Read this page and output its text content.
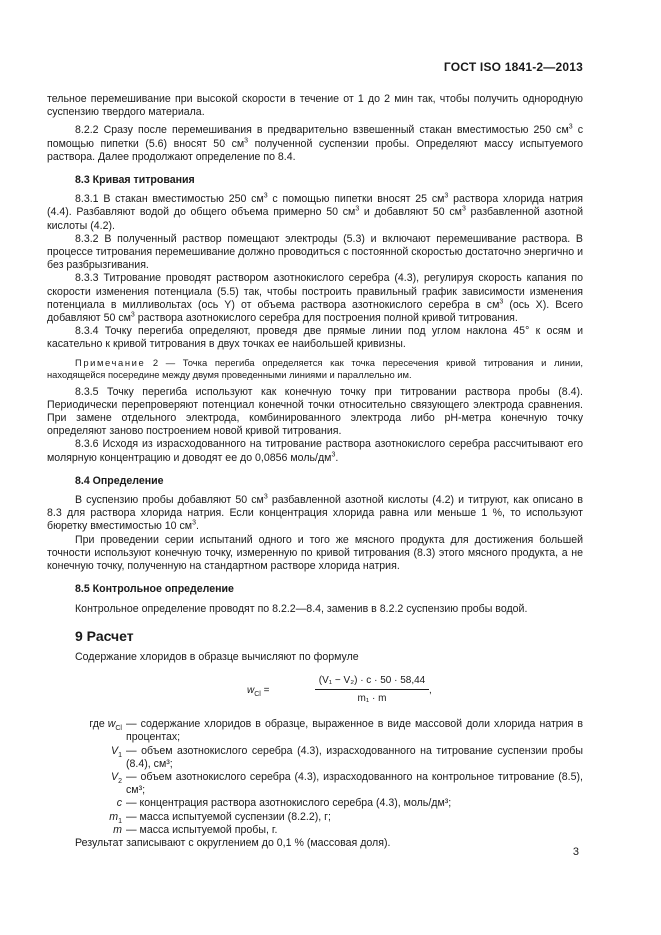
ГОСТ ISO 1841-2—2013

тельное перемешивание при высокой скорости в течение от 1 до 2 мин так, чтобы получить однородную суспензию твердого материала.

8.2.2 Сразу после перемешивания в предварительно взвешенный стакан вместимостью 250 $см^3$ с помощью пипетки (5.6) вносят 50 $см^3$ полученной суспензии пробы. Определяют массу испытуемого раствора. Далее продолжают определение по 8.4.

8.3 Кривая титрования

8.3.1 В стакан вместимостью 250 $см^3$ с помощью пипетки вносят 25 $см^3$ раствора хлорида натрия (4.4). Разбавляют водой до общего объема примерно 50 $см^3$ и добавляют 50 $см^3$ разбавленной азотной кислоты (4.2).

8.3.2 В полученный раствор помещают электроды (5.3) и включают перемешивание раствора. В процессе титрования перемешивание должно проводиться с постоянной скоростью достаточно энергично и без разбрызгивания.

8.3.3 Титрование проводят раствором азотнокислого серебра (4.3), регулируя скорость капания по скорости изменения потенциала (5.5) так, чтобы построить правильный график зависимости изменения потенциала в милливольтах (ось Y) от объема раствора азотнокислого серебра в $см^3$ (ось X). Всего добавляют 50 $см^3$ раствора азотнокислого серебра для построения полной кривой титрования.

8.3.4 Точку перегиба определяют, проведя две прямые линии под углом наклона 45° к осям и касательно к кривой титрования в двух точках ее наибольшей кривизны.

Примечание 2 — Точка перегиба определяется как точка пересечения кривой титрования и линии, находящейся посередине между двумя проведенными линиями и параллельно им.

8.3.5 Точку перегиба используют как конечную точку при титровании раствора пробы (8.4). Периодически перепроверяют потенциал конечной точки относительно связующего электрода сравнения. При замене отдельного электрода, комбинированного электрода либо рН-метра конечную точку определяют заново построением новой кривой титрования.

8.3.6 Исходя из израсходованного на титрование раствора азотнокислого серебра рассчитывают его молярную концентрацию и доводят ее до 0,0856 моль/$дм^3$.

8.4 Определение

В суспензию пробы добавляют 50 $см^3$ разбавленной азотной кислоты (4.2) и титруют, как описано в 8.3 для раствора хлорида натрия. Если концентрация хлорида равна или меньше 1 %, то используют бюретку вместимостью 10 $см^3$.

При проведении серии испытаний одного и того же мясного продукта для достижения большей точности используют конечную точку, измеренную по кривой титрования (8.3) этого мясного продукта, а не конечную точку, полученную на стандартном растворе хлорида натрия.

8.5 Контрольное определение

Контрольное определение проводят по 8.2.2—8.4, заменив в 8.2.2 суспензию пробы водой.

9 Расчет

Содержание хлоридов в образце вычисляют по формуле

$w_{Cl}$ =	$\frac{\text{(V₁ − V₂) · c · 50 · 58,44}}{\text{m₁ · m}}$ ,
где $w_{Cl}$ — содержание хлоридов в образце, выраженное в виде массовой доли хлорида натрия в процентах;
$V_1$ — объем азотнокислого серебра (4.3), израсходованного на титрование суспензии пробы (8.4), см³;
$V_2$ — объем азотнокислого серебра (4.3), израсходованного на контрольное титрование (8.5), см³;
c — концентрация раствора азотнокислого серебра (4.3), моль/дм³;
$m_1$ — масса испытуемой суспензии (8.2.2), г;
m — масса испытуемой пробы, г.

Результат записывают с округлением до 0,1 % (массовая доля).

3
